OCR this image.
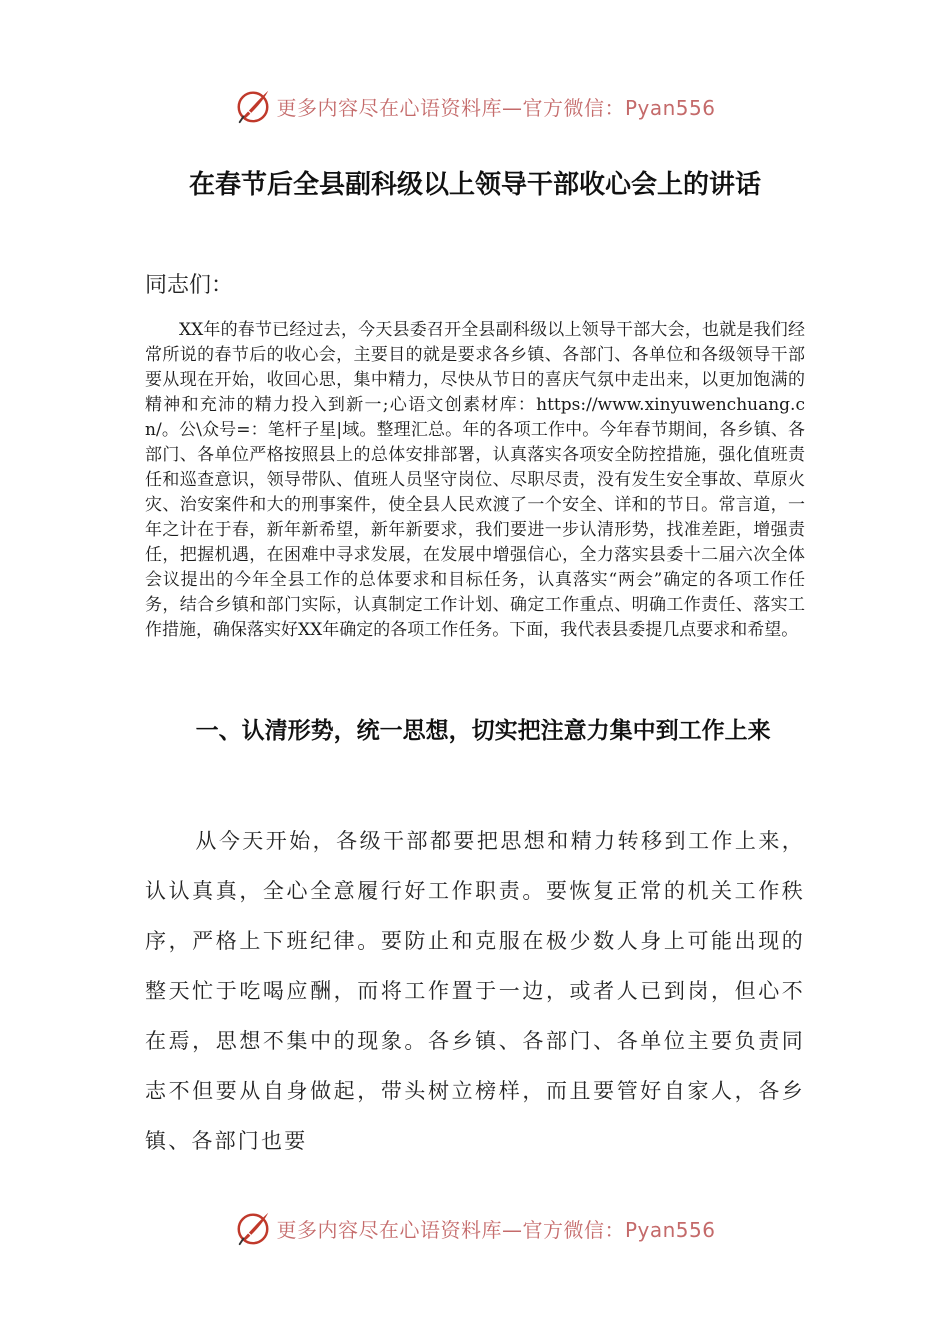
更多内容尽在心语资料库—官方微信：Pyan556
在春节后全县副科级以上领导干部收心会上的讲话

同志们：

XX年的春节已经过去，今天县委召开全县副科级以上领导干部大会，也就是我们经常所说的春节后的收心会，主要目的就是要求各乡镇、各部门、各单位和各级领导干部要从现在开始，收回心思，集中精力，尽快从节日的喜庆气氛中走出来，以更加饱满的精神和充沛的精力投入到新一;心语文创素材库：https://www.xinyuwenchuang.cn/。公\众号=：笔杆子星|域。整理汇总。年的各项工作中。今年春节期间，各乡镇、各部门、各单位严格按照县上的总体安排部署，认真落实各项安全防控措施，强化值班责任和巡查意识，领导带队、值班人员坚守岗位、尽职尽责，没有发生安全事故、草原火灾、治安案件和大的刑事案件，使全县人民欢渡了一个安全、详和的节日。常言道，一年之计在于春，新年新希望，新年新要求，我们要进一步认清形势，找准差距，增强责任，把握机遇，在困难中寻求发展，在发展中增强信心，全力落实县委十二届六次全体会议提出的今年全县工作的总体要求和目标任务，认真落实“两会”确定的各项工作任务，结合乡镇和部门实际，认真制定工作计划、确定工作重点、明确工作责任、落实工作措施，确保落实好XX年确定的各项工作任务。下面，我代表县委提几点要求和希望。

一、认清形势，统一思想，切实把注意力集中到工作上来

从今天开始，各级干部都要把思想和精力转移到工作上来，认认真真，全心全意履行好工作职责。要恢复正常的机关工作秩序，严格上下班纪律。要防止和克服在极少数人身上可能出现的整天忙于吃喝应酬，而将工作置于一边，或者人已到岗，但心不在焉，思想不集中的现象。各乡镇、各部门、各单位主要负责同志不但要从自身做起，带头树立榜样，而且要管好自家人，各乡镇、各部门也要

更多内容尽在心语资料库—官方微信：Pyan556
